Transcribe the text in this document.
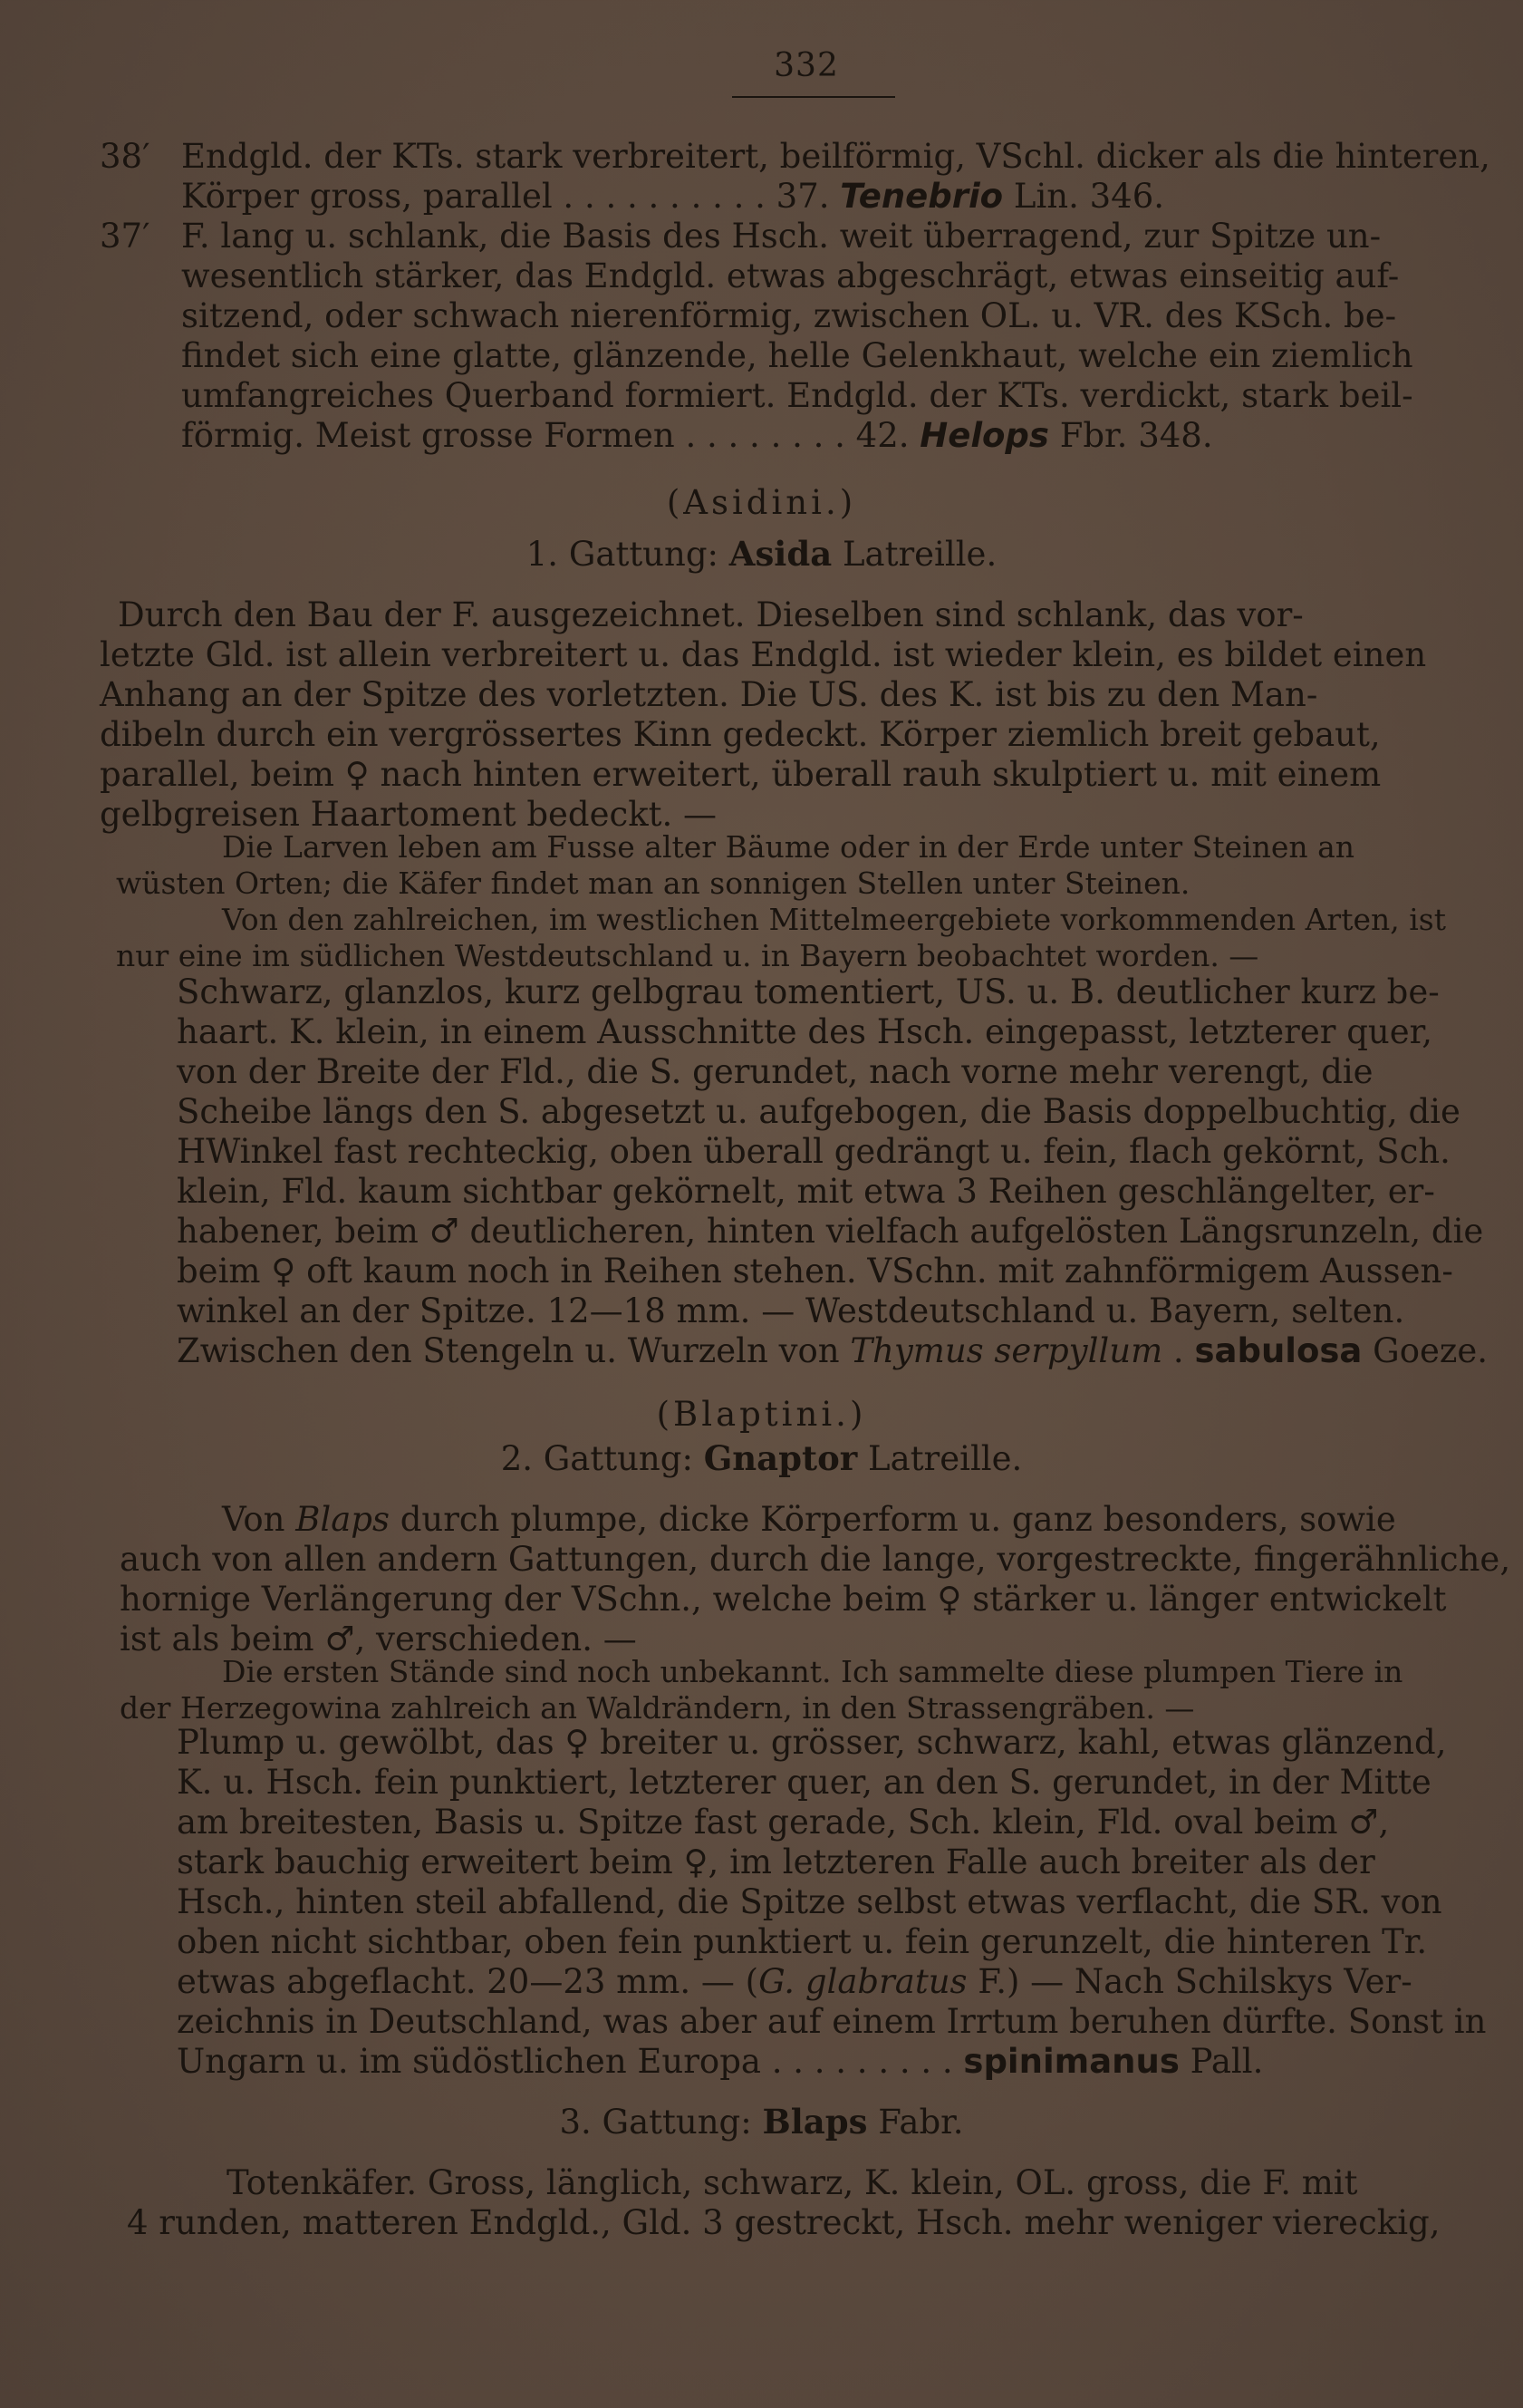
332
38′ Endgld. der KTs. stark verbreitert, beilförmig, VSchl. dicker als die hinteren,
Körper gross, parallel . . . . . . . . . . 37. Tenebrio Lin. 346.
37′ F. lang u. schlank, die Basis des Hsch. weit überragend, zur Spitze un-
wesentlich stärker, das Endgld. etwas abgeschrägt, etwas einseitig auf-
sitzend, oder schwach nierenförmig, zwischen OL. u. VR. des KSch. be-
findet sich eine glatte, glänzende, helle Gelenkhaut, welche ein ziemlich
umfangreiches Querband formiert. Endgld. der KTs. verdickt, stark beil-
förmig. Meist grosse Formen . . . . . . . . 42. Helops Fbr. 348.
(Asidini.)
1. Gattung: Asida Latreille.
Durch den Bau der F. ausgezeichnet. Dieselben sind schlank, das vor-
letzte Gld. ist allein verbreitert u. das Endgld. ist wieder klein, es bildet einen
Anhang an der Spitze des vorletzten. Die US. des K. ist bis zu den Man-
dibeln durch ein vergrössertes Kinn gedeckt. Körper ziemlich breit gebaut,
parallel, beim ♀ nach hinten erweitert, überall rauh skulptiert u. mit einem
gelbgreisen Haartoment bedeckt. —
Die Larven leben am Fusse alter Bäume oder in der Erde unter Steinen an
wüsten Orten; die Käfer findet man an sonnigen Stellen unter Steinen.
Von den zahlreichen, im westlichen Mittelmeergebiete vorkommenden Arten, ist
nur eine im südlichen Westdeutschland u. in Bayern beobachtet worden. —
Schwarz, glanzlos, kurz gelbgrau tomentiert, US. u. B. deutlicher kurz be-
haart. K. klein, in einem Ausschnitte des Hsch. eingepasst, letzterer quer,
von der Breite der Fld., die S. gerundet, nach vorne mehr verengt, die
Scheibe längs den S. abgesetzt u. aufgebogen, die Basis doppelbuchtig, die
HWinkel fast rechteckig, oben überall gedrängt u. fein, flach gekörnt, Sch.
klein, Fld. kaum sichtbar gekörnelt, mit etwa 3 Reihen geschlängelter, er-
habener, beim ♂ deutlicheren, hinten vielfach aufgelösten Längsrunzeln, die
beim ♀ oft kaum noch in Reihen stehen. VSchn. mit zahnförmigem Aussen-
winkel an der Spitze. 12—18 mm. — Westdeutschland u. Bayern, selten.
Zwischen den Stengeln u. Wurzeln von Thymus serpyllum . sabulosa Goeze.
(Blaptini.)
2. Gattung: Gnaptor Latreille.
Von Blaps durch plumpe, dicke Körperform u. ganz besonders, sowie
auch von allen andern Gattungen, durch die lange, vorgestreckte, fingerähnliche,
hornige Verlängerung der VSchn., welche beim ♀ stärker u. länger entwickelt
ist als beim ♂, verschieden. —
Die ersten Stände sind noch unbekannt. Ich sammelte diese plumpen Tiere in
der Herzegowina zahlreich an Waldrändern, in den Strassengräben. —
Plump u. gewölbt, das ♀ breiter u. grösser, schwarz, kahl, etwas glänzend,
K. u. Hsch. fein punktiert, letzterer quer, an den S. gerundet, in der Mitte
am breitesten, Basis u. Spitze fast gerade, Sch. klein, Fld. oval beim ♂,
stark bauchig erweitert beim ♀, im letzteren Falle auch breiter als der
Hsch., hinten steil abfallend, die Spitze selbst etwas verflacht, die SR. von
oben nicht sichtbar, oben fein punktiert u. fein gerunzelt, die hinteren Tr.
etwas abgeflacht. 20—23 mm. — (G. glabratus F.) — Nach Schilskys Ver-
zeichnis in Deutschland, was aber auf einem Irrtum beruhen dürfte. Sonst in
Ungarn u. im südöstlichen Europa . . . . . . . . . spinimanus Pall.
3. Gattung: Blaps Fabr.
Totenkäfer. Gross, länglich, schwarz, K. klein, OL. gross, die F. mit
4 runden, matteren Endgld., Gld. 3 gestreckt, Hsch. mehr weniger viereckig,
